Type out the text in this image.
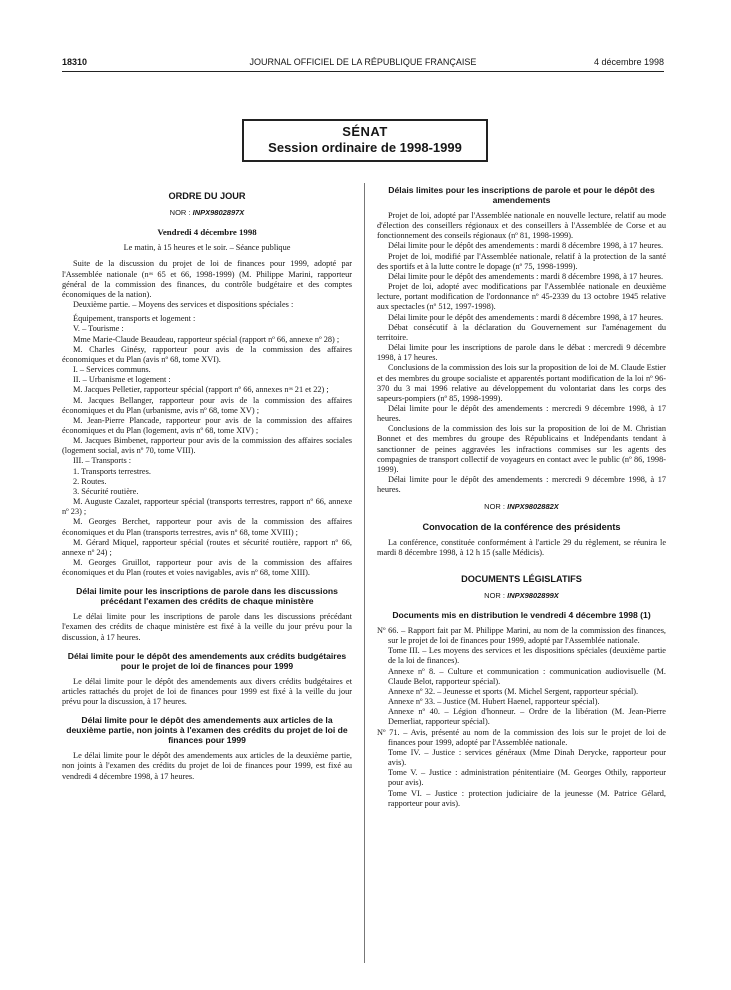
18310	JOURNAL OFFICIEL DE LA RÉPUBLIQUE FRANÇAISE	4 décembre 1998
SÉNAT
Session ordinaire de 1998-1999
ORDRE DU JOUR
NOR : INPX9802897X
Vendredi 4 décembre 1998

Le matin, à 15 heures et le soir. – Séance publique

Suite de la discussion du projet de loi de finances pour 1999, adopté par l'Assemblée nationale (nᵒˢ 65 et 66, 1998-1999) (M. Philippe Marini, rapporteur général de la commission des finances, du contrôle budgétaire et des comptes économiques de la nation).

Deuxième partie. – Moyens des services et dispositions spéciales :

Équipement, transports et logement :

V. – Tourisme :

Mme Marie-Claude Beaudeau, rapporteur spécial (rapport nº 66, annexe nº 28) ;

M. Charles Ginésy, rapporteur pour avis de la commission des affaires économiques et du Plan (avis nº 68, tome XVI).

I. – Services communs.

II. – Urbanisme et logement :

M. Jacques Pelletier, rapporteur spécial (rapport nº 66, annexes nᵒˢ 21 et 22) ;

M. Jacques Bellanger, rapporteur pour avis de la commission des affaires économiques et du Plan (urbanisme, avis nº 68, tome XV) ;

M. Jean-Pierre Plancade, rapporteur pour avis de la commission des affaires économiques et du Plan (logement, avis nº 68, tome XIV) ;

M. Jacques Bimbenet, rapporteur pour avis de la commission des affaires sociales (logement social, avis nº 70, tome VIII).

III. – Transports :

1. Transports terrestres.

2. Routes.

3. Sécurité routière.

M. Auguste Cazalet, rapporteur spécial (transports terrestres, rapport nº 66, annexe nº 23) ;

M. Georges Berchet, rapporteur pour avis de la commission des affaires économiques et du Plan (transports terrestres, avis nº 68, tome XVIII) ;

M. Gérard Miquel, rapporteur spécial (routes et sécurité routière, rapport nº 66, annexe nº 24) ;

M. Georges Gruillot, rapporteur pour avis de la commission des affaires économiques et du Plan (routes et voies navigables, avis nº 68, tome XIII).

Délai limite pour les inscriptions de parole dans les discussions précédant l'examen des crédits de chaque ministère

Le délai limite pour les inscriptions de parole dans les discussions précédant l'examen des crédits de chaque ministère est fixé à la veille du jour prévu pour la discussion, à 17 heures.

Délai limite pour le dépôt des amendements aux crédits budgétaires pour le projet de loi de finances pour 1999

Le délai limite pour le dépôt des amendements aux divers crédits budgétaires et articles rattachés du projet de loi de finances pour 1999 est fixé à la veille du jour prévu pour la discussion, à 17 heures.

Délai limite pour le dépôt des amendements aux articles de la deuxième partie, non joints à l'examen des crédits du projet de loi de finances pour 1999

Le délai limite pour le dépôt des amendements aux articles de la deuxième partie, non joints à l'examen des crédits du projet de loi de finances pour 1999, est fixé au vendredi 4 décembre 1998, à 17 heures.

Délais limites pour les inscriptions de parole et pour le dépôt des amendements

Projet de loi, adopté par l'Assemblée nationale en nouvelle lecture, relatif au mode d'élection des conseillers régionaux et des conseillers à l'Assemblée de Corse et au fonctionnement des conseils régionaux (nº 81, 1998-1999).

Délai limite pour le dépôt des amendements : mardi 8 décembre 1998, à 17 heures.

Projet de loi, modifié par l'Assemblée nationale, relatif à la protection de la santé des sportifs et à la lutte contre le dopage (nº 75, 1998-1999).

Délai limite pour le dépôt des amendements : mardi 8 décembre 1998, à 17 heures.

Projet de loi, adopté avec modifications par l'Assemblée nationale en deuxième lecture, portant modification de l'ordonnance nº 45-2339 du 13 octobre 1945 relative aux spectacles (nº 512, 1997-1998).

Délai limite pour le dépôt des amendements : mardi 8 décembre 1998, à 17 heures.

Débat consécutif à la déclaration du Gouvernement sur l'aménagement du territoire.

Délai limite pour les inscriptions de parole dans le débat : mercredi 9 décembre 1998, à 17 heures.

Conclusions de la commission des lois sur la proposition de loi de M. Claude Estier et des membres du groupe socialiste et apparentés portant modification de la loi nº 96-370 du 3 mai 1996 relative au développement du volontariat dans les corps des sapeurs-pompiers (nº 85, 1998-1999).

Délai limite pour le dépôt des amendements : mercredi 9 décembre 1998, à 17 heures.

Conclusions de la commission des lois sur la proposition de loi de M. Christian Bonnet et des membres du groupe des Républicains et Indépendants tendant à sanctionner de peines aggravées les infractions commises sur les agents des compagnies de transport collectif de voyageurs en contact avec le public (nº 86, 1998-1999).

Délai limite pour le dépôt des amendements : mercredi 9 décembre 1998, à 17 heures.

NOR : INPX9802882X
Convocation de la conférence des présidents

La conférence, constituée conformément à l'article 29 du règlement, se réunira le mardi 8 décembre 1998, à 12 h 15 (salle Médicis).

DOCUMENTS LÉGISLATIFS
NOR : INPX9802899X
Documents mis en distribution le vendredi 4 décembre 1998 (1)

Nº 66. – Rapport fait par M. Philippe Marini, au nom de la commission des finances, sur le projet de loi de finances pour 1999, adopté par l'Assemblée nationale.

Tome III. – Les moyens des services et les dispositions spéciales (deuxième partie de la loi de finances).

Annexe nº 8. – Culture et communication : communication audiovisuelle (M. Claude Belot, rapporteur spécial).

Annexe nº 32. – Jeunesse et sports (M. Michel Sergent, rapporteur spécial).

Annexe nº 33. – Justice (M. Hubert Haenel, rapporteur spécial).

Annexe nº 40. – Légion d'honneur. – Ordre de la libération (M. Jean-Pierre Demerliat, rapporteur spécial).

Nº 71. – Avis, présenté au nom de la commission des lois sur le projet de loi de finances pour 1999, adopté par l'Assemblée nationale.

Tome IV. – Justice : services généraux (Mme Dinah Derycke, rapporteur pour avis).

Tome V. – Justice : administration pénitentiaire (M. Georges Othily, rapporteur pour avis).

Tome VI. – Justice : protection judiciaire de la jeunesse (M. Patrice Gélard, rapporteur pour avis).
